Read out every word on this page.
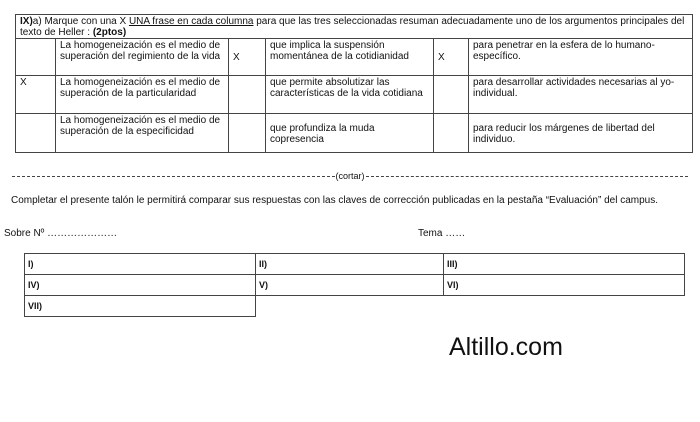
IX)a) Marque con una X UNA frase en cada columna para que las tres seleccionadas resuman adecuadamente uno de los argumentos principales del texto de Heller : (2ptos)					
	La homogeneización es el medio de superación del regimiento de la vida	X	que implica la suspensión momentánea de la cotidianidad	X	para penetrar en la esfera de lo humano-específico.
X	La homogeneización es el medio de superación de la particularidad		que permite absolutizar las características de la vida cotidiana		para desarrollar actividades necesarias al yo-individual.
	La homogeneización es el medio de superación de la especificidad		que profundiza la muda copresencia		para reducir los márgenes de libertad del individuo.
(cortar)
Completar el presente talón le permitirá comparar sus respuestas con las claves de corrección publicadas en la pestaña “Evaluación” del campus.
Sobre Nº …………………	Tema ……
I)	II)	III)
IV)	V)	VI)
VII)		
Altillo.com
